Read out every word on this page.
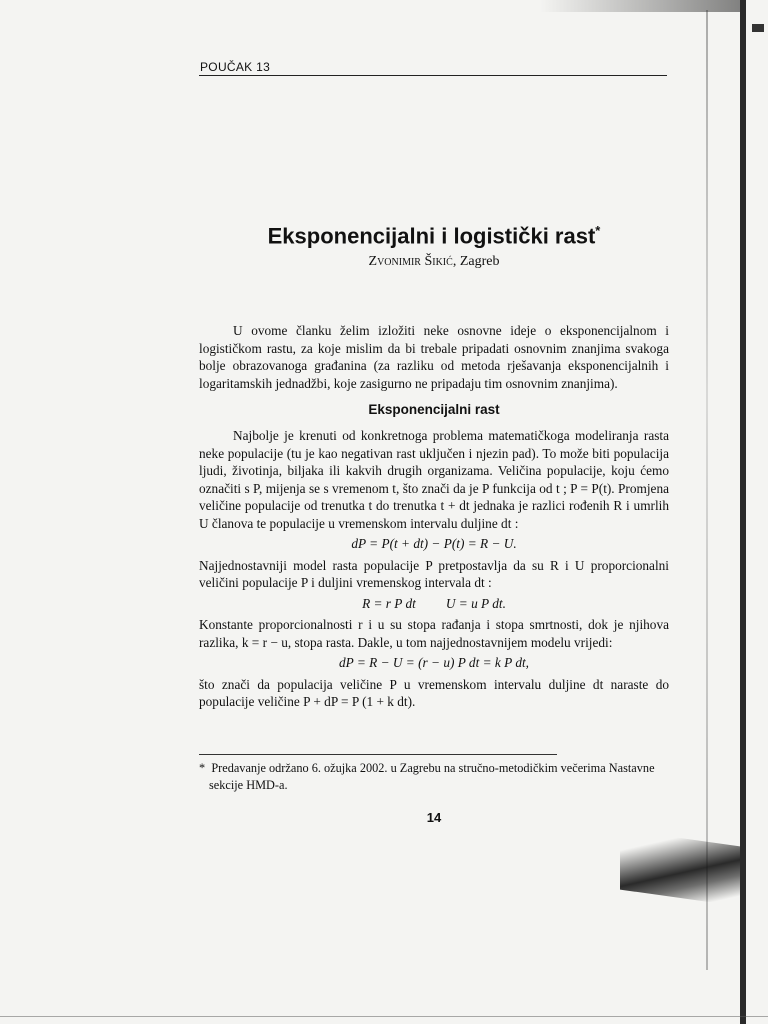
POUČAK 13
Eksponencijalni i logistički rast*
Zvonimir Šikić, Zagreb

U ovome članku želim izložiti neke osnovne ideje o eksponencijalnom i logističkom rastu, za koje mislim da bi trebale pripadati osnovnim znanjima svakoga bolje obrazovanoga građanina (za razliku od metoda rješavanja eksponencijalnih i logaritamskih jednadžbi, koje zasigurno ne pripadaju tim osnovnim znanjima).

Eksponencijalni rast

Najbolje je krenuti od konkretnoga problema matematičkoga modeliranja rasta neke populacije (tu je kao negativan rast uključen i njezin pad). To može biti populacija ljudi, životinja, biljaka ili kakvih drugih organizama. Veličina populacije, koju ćemo označiti s P, mijenja se s vremenom t, što znači da je P funkcija od t ; P = P(t). Promjena veličine populacije od trenutka t do trenutka t + dt jednaka je razlici rođenih R i umrlih U članova te populacije u vremenskom intervalu duljine dt :

dP = P(t + dt) − P(t) = R − U.

Najjednostavniji model rasta populacije P pretpostavlja da su R i U proporcionalni veličini populacije P i duljini vremenskog intervala dt :

R = r P dt U = u P dt.

Konstante proporcionalnosti r i u su stopa rađanja i stopa smrtnosti, dok je njihova razlika, k = r − u, stopa rasta. Dakle, u tom najjednostavnijem modelu vrijedi:

dP = R − U = (r − u) P dt = k P dt,

što znači da populacija veličine P u vremenskom intervalu duljine dt naraste do populacije veličine P + dP = P (1 + k dt).

* Predavanje održano 6. ožujka 2002. u Zagrebu na stručno-metodičkim večerima Nastavne sekcije HMD-a.
14
